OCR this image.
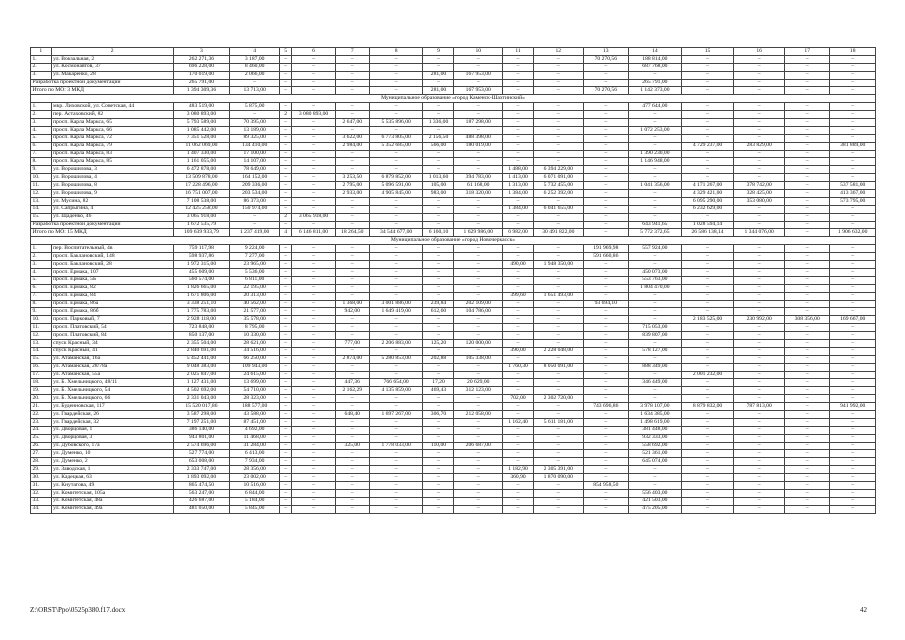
1	2	3	4	5	6	7	8	9	10	11	12	13	14	15	16	17	18
1.	ул. Вокзальная, 2	262 271,36	3 187,00	–	–	–	–	–	–	–	–	70 270,56	188 814,00	–	–	–	–
2.	ул. Космонавтов, 37	696 228,00	8 460,00	–	–	–	–	–	–	–	–	–	687 768,00	–	–	–	–
3.	ул. Макаренко, 28	170 019,00	2 066,00	–	–	–	–	281,00	167 953,00	–	–	–	–	–	–	–	–
Разработка проектной документации		265 791,00	–	–	–	–	–	–	–	–	–	–	265 791,00	–	–	–	–
Итого по МО: 3 МКД		1 394 309,36	13 713,00	–	–	–	–	281,00	167 953,00	–	–	70 270,56	1 142 373,00	–	–	–	–
Муниципальное образование «город Каменск-Шахтинский»																	
1.	мкр. Лиховской, ул. Советская, 44	483 519,00	5 875,00	–	–	–	–	–	–	–	–	–	477 644,00	–	–	–	–
2.	пер. Астаховский, 82	3 080 893,00	–	2	3 080 893,00	–	–	–	–	–	–	–	–	–	–	–	–
3.	просп. Карла Маркса, 65	5 793 589,00	70 395,00	–	–	2 647,00	5 535 896,00	1 336,00	187 298,00	–	–	–	–	–	–	–	–
4.	просп. Карла Маркса, 66	1 085 442,00	13 189,00	–	–	–	–	–	–	–	–	–	1 072 253,00	–	–	–	–
5.	просп. Карла Маркса, 72	7 351 528,00	89 325,00	–	–	3 622,00	6 773 805,00	2 156,50	488 398,00	–	–	–	–	–	–	–	–
6.	просп. Карла Маркса, 79	11 062 069,00	134 410,00	–	–	2 984,00	5 352 685,00	566,00	180 019,00	–	–	–	–	4 729 237,00	283 829,00	–	381 889,00
7.	просп. Карла Маркса, 83	1 407 330,00	17 100,00	–	–	–	–	–	–	–	–	–	1 390 230,00	–	–	–	–
8.	просп. Карла Маркса, 85	1 161 055,00	14 107,00	–	–	–	–	–	–	–	–	–	1 146 948,00	–	–	–	–
9.	ул. Ворошилова, 3	6 472 878,00	78 649,00	–	–	–	–	–	–	1 488,00	6 394 229,00	–	–	–	–	–	–
10.	ул. Ворошилова, 4	13 509 878,00	164 152,00	–	–	3 253,50	6 879 852,00	1 013,60	394 783,00	1 413,00	6 071 091,00	–	–	–	–	–	–
11.	ул. Ворошилова, 8	17 228 496,00	209 336,00	–	–	2 795,00	5 096 591,00	105,00	61 168,00	1 313,00	5 732 455,00	–	1 041 356,00	4 171 267,00	378 742,00	–	537 581,00
12.	ул. Ворошилова, 9	16 751 007,00	203 534,00	–	–	2 933,00	4 905 845,00	983,00	318 320,00	1 384,00	6 252 392,00	–	–	4 329 421,00	328 425,00	–	413 367,00
13.	ул. Мусина, 82	7 108 538,00	86 373,00	–	–	–	–	–	–	–	–	–	–	6 095 290,00	353 080,00	–	573 795,00
14.	ул. Сапрыгина, 4	12 425 258,00	150 974,00	–	–	–	–	–	–	1 384,00	6 041 655,00	–	–	6 232 629,00	–	–	–
15.	ул. Щаденко, 46	3 065 918,00	–	2	3 065 918,00	–	–	–	–	–	–	–	–	–	–	–	–
Разработка проектной документации		1 672 535,79	–	–	–	–	–	–	–	–	–	–	643 941,65	1 028 594,14	–	–	–
Итого по МО: 15 МКД		109 639 933,79	1 237 419,00	4	6 146 811,00	18 264,50	34 544 677,00	6 160,10	1 629 986,00	6 982,00	30 491 822,00	–	5 772 372,65	26 586 138,14	1 344 076,00	–	1 906 632,00
Муниципальное образование «город Новочеркасск»																	
1.	пер. Воспитательный, 4в	759 117,98	9 224,00	–	–	–	–	–	–	–	–	191 969,98	557 924,00	–	–	–	–
2.	просп. Баклановский, 148	598 937,86	7 277,00	–	–	–	–	–	–	–	–	591 660,86	–	–	–	–	–
3.	просп. Баклановский, 28	1 972 315,00	23 965,00	–	–	–	–	–	–	490,00	1 948 350,00	–	–	–	–	–	–
4.	просп. Ермака, 107	455 609,00	5 536,00	–	–	–	–	–	–	–	–	–	450 073,00	–	–	–	–
5.	просп. Ермака, 5Б	560 574,00	6 811,00	–	–	–	–	–	–	–	–	–	553 763,00	–	–	–	–
6.	просп. Ермака, 82	1 826 665,00	22 195,00	–	–	–	–	–	–	–	–	–	1 804 470,00	–	–	–	–
7.	просп. Ермака, 84	1 671 806,00	20 313,00	–	–	–	–	–	–	399,60	1 651 493,00	–	–	–	–	–	–
8.	просп. Ермака, 86а	3 338 251,10	40 562,00	–	–	1 368,00	3 001 886,00	239,84	202 109,00	–	–	93 694,10	–	–	–	–	–
9.	просп. Ермака, 86б	1 775 783,00	21 577,00	–	–	942,00	1 649 419,00	612,60	104 786,00	–	–	–	–	–	–	–	–
10.	просп. Парковый, 7	2 928 118,00	35 578,00	–	–	–	–	–	–	–	–	–	–	2 183 525,00	230 992,00	308 356,00	169 667,00
11.	просп. Платовский, 54	723 848,00	8 795,00	–	–	–	–	–	–	–	–	–	715 053,00	–	–	–	–
12.	просп. Платовский, 84	850 137,00	10 330,00	–	–	–	–	–	–	–	–	–	839 807,00	–	–	–	–
13.	спуск Красный, 34	2 355 504,00	28 621,00	–	–	777,00	2 206 883,00	125,20	120 000,00	–	–	–	–	–	–	–	–
14.	спуск Красный, 41	2 840 691,00	34 516,00	–	–	–	–	–	–	390,00	2 228 048,00	–	578 127,00	–	–	–	–
15.	ул. Атаманская, 16а	5 452 441,00	66 250,00	–	–	2 874,00	5 280 853,00	202,88	105 338,00	–	–	–	–	–	–	–	–
16.	ул. Атаманская, 28/78а	9 048 383,00	109 943,00	–	–	–	–	–	–	1 760,30	8 050 091,00	–	888 349,00	–	–	–	–
17.	ул. Атаманская, 55а	2 025 847,00	24 615,00	–	–	–	–	–	–	–	–	–	–	2 001 232,00	–	–	–
18.	ул. Б. Хмельницкого, 48/11	1 127 431,00	13 699,00	–	–	447,36	766 654,00	17,20	20 629,00	–	–	–	346 449,00	–	–	–	–
19.	ул. Б. Хмельницкого, 54	4 502 692,00	54 710,00	–	–	2 162,29	4 135 859,00	469,43	312 123,00	–	–	–	–	–	–	–	–
20.	ул. Б. Хмельницкого, 66	2 331 043,00	28 323,00	–	–	–	–	–	–	702,00	2 302 720,00	–	–	–	–	–	–
21.	ул. Буденновская, 117	15 520 017,86	188 577,00	–	–	–	–	–	–	–	–	743 696,86	3 978 107,00	8 879 832,00	787 813,00	–	941 992,00
22.	ул. Гвардейская, 26	3 587 298,00	43 588,00	–	–	648,40	1 697 267,00	306,70	212 058,00	–	–	–	1 634 385,00	–	–	–	–
23.	ул. Гвардейская, 32	7 197 251,00	87 451,00	–	–	–	–	–	–	1 162,40	5 611 181,00	–	1 498 619,00	–	–	–	–
24.	ул. Дворцовая, 1	386 140,00	4 692,00	–	–	–	–	–	–	–	–	–	381 448,00	–	–	–	–
25.	ул. Дворцовая, 3	943 801,00	11 468,00	–	–	–	–	–	–	–	–	–	932 333,00	–	–	–	–
26.	ул. Дубовского, 17а	2 574 696,00	31 284,00	–	–	325,00	1 778 033,00	110,00	206 687,00	–	–	–	558 692,00	–	–	–	–
27.	ул. Думенко, 10	527 774,00	6 413,00	–	–	–	–	–	–	–	–	–	521 361,00	–	–	–	–
28.	ул. Думенко, 2	653 008,00	7 934,00	–	–	–	–	–	–	–	–	–	645 074,00	–	–	–	–
29.	ул. Заводская, 1	2 333 747,00	28 356,00	–	–	–	–	–	–	1 182,90	2 305 391,00	–	–	–	–	–	–
30.	ул. Кадецкая, 63	1 893 092,00	23 002,00	–	–	–	–	–	–	360,90	1 870 090,00	–	–	–	–	–	–
31.	ул. Кнутаговa, 49	865 474,50	10 516,00	–	–	–	–	–	–	–	–	854 958,50	–	–	–	–	–
32.	ул. Комитетская, 105а	563 247,00	6 844,00	–	–	–	–	–	–	–	–	–	556 403,00	–	–	–	–
33.	ул. Комитетская, 48а	426 687,00	5 184,00	–	–	–	–	–	–	–	–	–	421 503,00	–	–	–	–
34.	ул. Комитетская, 49а	481 050,00	5 845,00	–	–	–	–	–	–	–	–	–	475 205,00	–	–	–	–
Z:\ORST\Ppo\0525p380.f17.docx	42
